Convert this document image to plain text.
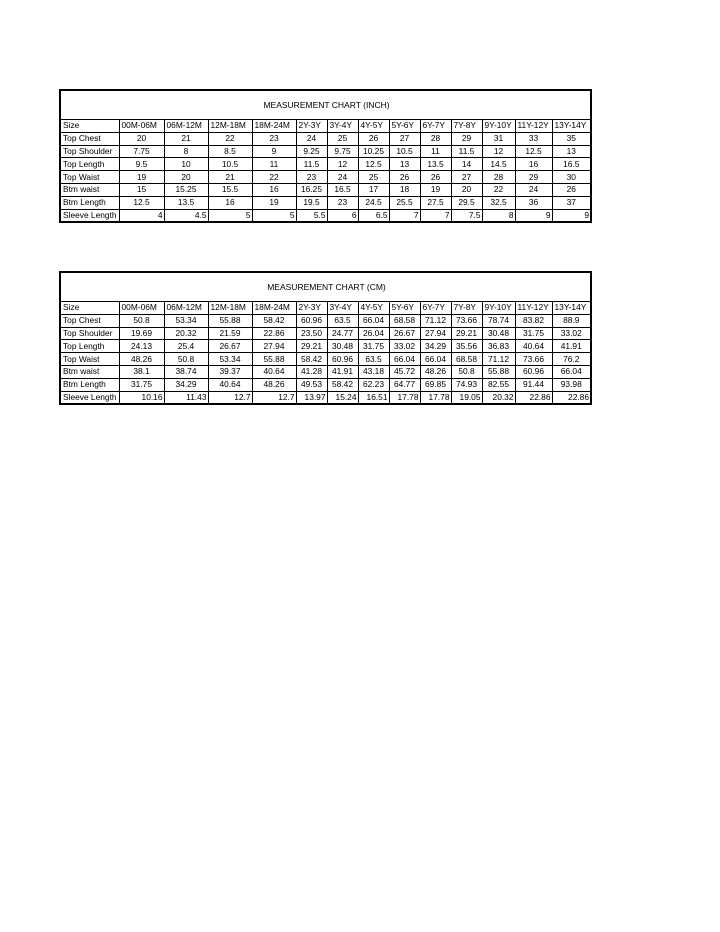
MEASUREMENT CHART (INCH)
Size	00M-06M	06M-12M	12M-18M	18M-24M	2Y-3Y	3Y-4Y	4Y-5Y	5Y-6Y	6Y-7Y	7Y-8Y	9Y-10Y	11Y-12Y	13Y-14Y
Top Chest	20	21	22	23	24	25	26	27	28	29	31	33	35
Top Shoulder	7.75	8	8.5	9	9.25	9.75	10.25	10.5	11	11.5	12	12.5	13
Top Length	9.5	10	10.5	11	11.5	12	12.5	13	13.5	14	14.5	16	16.5
Top Waist	19	20	21	22	23	24	25	26	26	27	28	29	30
Btm waist	15	15.25	15.5	16	16.25	16.5	17	18	19	20	22	24	26
Btm Length	12.5	13.5	16	19	19.5	23	24.5	25.5	27.5	29.5	32.5	36	37
Sleeve Length	4	4.5	5	5	5.5	6	6.5	7	7	7.5	8	9	9
MEASUREMENT CHART (CM)
Size	00M-06M	06M-12M	12M-18M	18M-24M	2Y-3Y	3Y-4Y	4Y-5Y	5Y-6Y	6Y-7Y	7Y-8Y	9Y-10Y	11Y-12Y	13Y-14Y
Top Chest	50.8	53.34	55.88	58.42	60.96	63.5	66.04	68.58	71.12	73.66	78.74	83.82	88.9
Top Shoulder	19.69	20.32	21.59	22.86	23.50	24.77	26.04	26.67	27.94	29.21	30.48	31.75	33.02
Top Length	24.13	25.4	26.67	27.94	29.21	30.48	31.75	33.02	34.29	35.56	36.83	40.64	41.91
Top Waist	48.26	50.8	53.34	55.88	58.42	60.96	63.5	66.04	66.04	68.58	71.12	73.66	76.2
Btm waist	38.1	38.74	39.37	40.64	41.28	41.91	43.18	45.72	48.26	50.8	55.88	60.96	66.04
Btm Length	31.75	34.29	40.64	48.26	49.53	58.42	62.23	64.77	69.85	74.93	82.55	91.44	93.98
Sleeve Length	10.16	11.43	12.7	12.7	13.97	15.24	16.51	17.78	17.78	19.05	20.32	22.86	22.86
